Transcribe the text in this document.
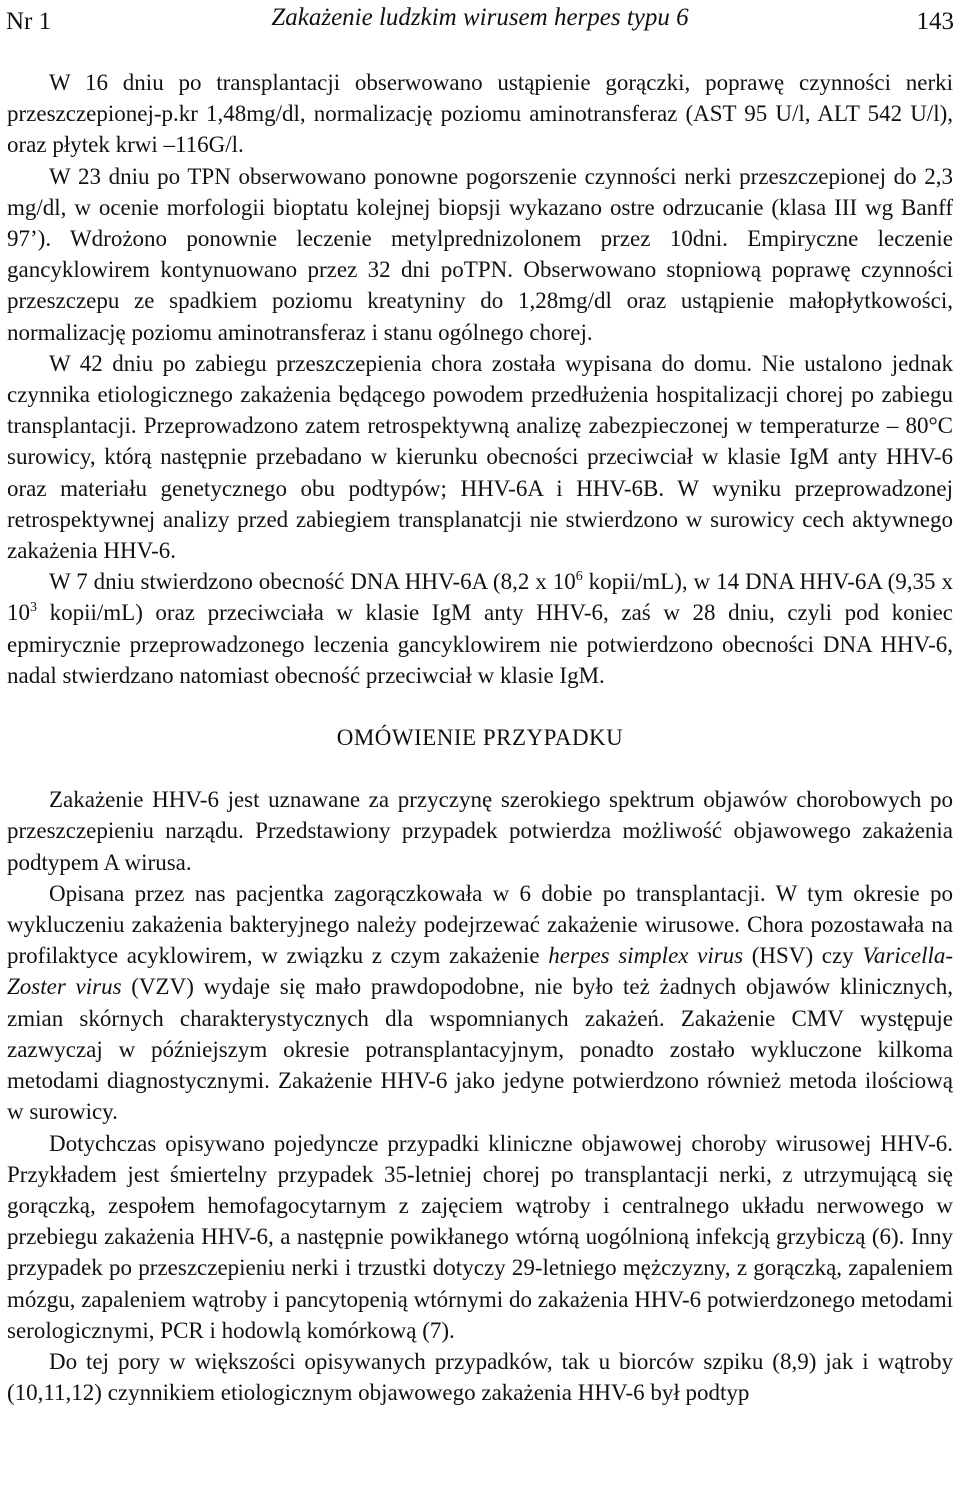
Nr 1	Zakażenie ludzkim wirusem herpes typu 6	143

W 16 dniu po transplantacji obserwowano ustąpienie gorączki, poprawę czynności nerki przeszczepionej-p.kr 1,48mg/dl, normalizację poziomu aminotransferaz (AST 95 U/l, ALT 542 U/l), oraz płytek krwi –116G/l.

W 23 dniu po TPN obserwowano ponowne pogorszenie czynności nerki przeszczepionej do 2,3 mg/dl, w ocenie morfologii bioptatu kolejnej biopsji wykazano ostre odrzucanie (klasa III wg Banff 97’). Wdrożono ponownie leczenie metylprednizolonem przez 10dni. Empiryczne leczenie gancyklowirem kontynuowano przez 32 dni poTPN. Obserwowano stopniową poprawę czynności przeszczepu ze spadkiem poziomu kreatyniny do 1,28mg/dl oraz ustąpienie małopłytkowości, normalizację poziomu aminotransferaz i stanu ogólnego chorej.

W 42 dniu po zabiegu przeszczepienia chora została wypisana do domu. Nie ustalono jednak czynnika etiologicznego zakażenia będącego powodem przedłużenia hospitalizacji chorej po zabiegu transplantacji. Przeprowadzono zatem retrospektywną analizę zabezpieczonej w temperaturze – 80°C surowicy, którą następnie przebadano w kierunku obecności przeciwciał w klasie IgM anty HHV-6 oraz materiału genetycznego obu podtypów; HHV-6A i HHV-6B. W wyniku przeprowadzonej retrospektywnej analizy przed zabiegiem transplanatcji nie stwierdzono w surowicy cech aktywnego zakażenia HHV-6.

W 7 dniu stwierdzono obecność DNA HHV-6A (8,2 x $10^6$ kopii/mL), w 14 DNA HHV-6A (9,35 x $10^3$ kopii/mL) oraz przeciwciała w klasie IgM anty HHV-6, zaś w 28 dniu, czyli pod koniec epmirycznie przeprowadzonego leczenia gancyklowirem nie potwierdzono obecności DNA HHV-6, nadal stwierdzano natomiast obecność przeciwciał w klasie IgM.

OMÓWIENIE PRZYPADKU

Zakażenie HHV-6 jest uznawane za przyczynę szerokiego spektrum objawów chorobowych po przeszczepieniu narządu. Przedstawiony przypadek potwierdza możliwość objawowego zakażenia podtypem A wirusa.

Opisana przez nas pacjentka zagorączkowała w 6 dobie po transplantacji. W tym okresie po wykluczeniu zakażenia bakteryjnego należy podejrzewać zakażenie wirusowe. Chora pozostawała na profilaktyce acyklowirem, w związku z czym zakażenie herpes simplex virus (HSV) czy Varicella-Zoster virus (VZV) wydaje się mało prawdopodobne, nie było też żadnych objawów klinicznych, zmian skórnych charakterystycznych dla wspomnianych zakażeń. Zakażenie CMV występuje zazwyczaj w późniejszym okresie potransplantacyjnym, ponadto zostało wykluczone kilkoma metodami diagnostycznymi. Zakażenie HHV-6 jako jedyne potwierdzono również metoda ilościową w surowicy.

Dotychczas opisywano pojedyncze przypadki kliniczne objawowej choroby wirusowej HHV-6. Przykładem jest śmiertelny przypadek 35-letniej chorej po transplantacji nerki, z utrzymującą się gorączką, zespołem hemofagocytarnym z zajęciem wątroby i centralnego układu nerwowego w przebiegu zakażenia HHV-6, a następnie powikłanego wtórną uogólnioną infekcją grzybiczą (6). Inny przypadek po przeszczepieniu nerki i trzustki dotyczy 29-letniego mężczyzny, z gorączką, zapaleniem mózgu, zapaleniem wątroby i pancytopenią wtórnymi do zakażenia HHV-6 potwierdzonego metodami serologicznymi, PCR i hodowlą komórkową (7).

Do tej pory w większości opisywanych przypadków, tak u biorców szpiku (8,9) jak i wątroby (10,11,12) czynnikiem etiologicznym objawowego zakażenia HHV-6 był podtyp
